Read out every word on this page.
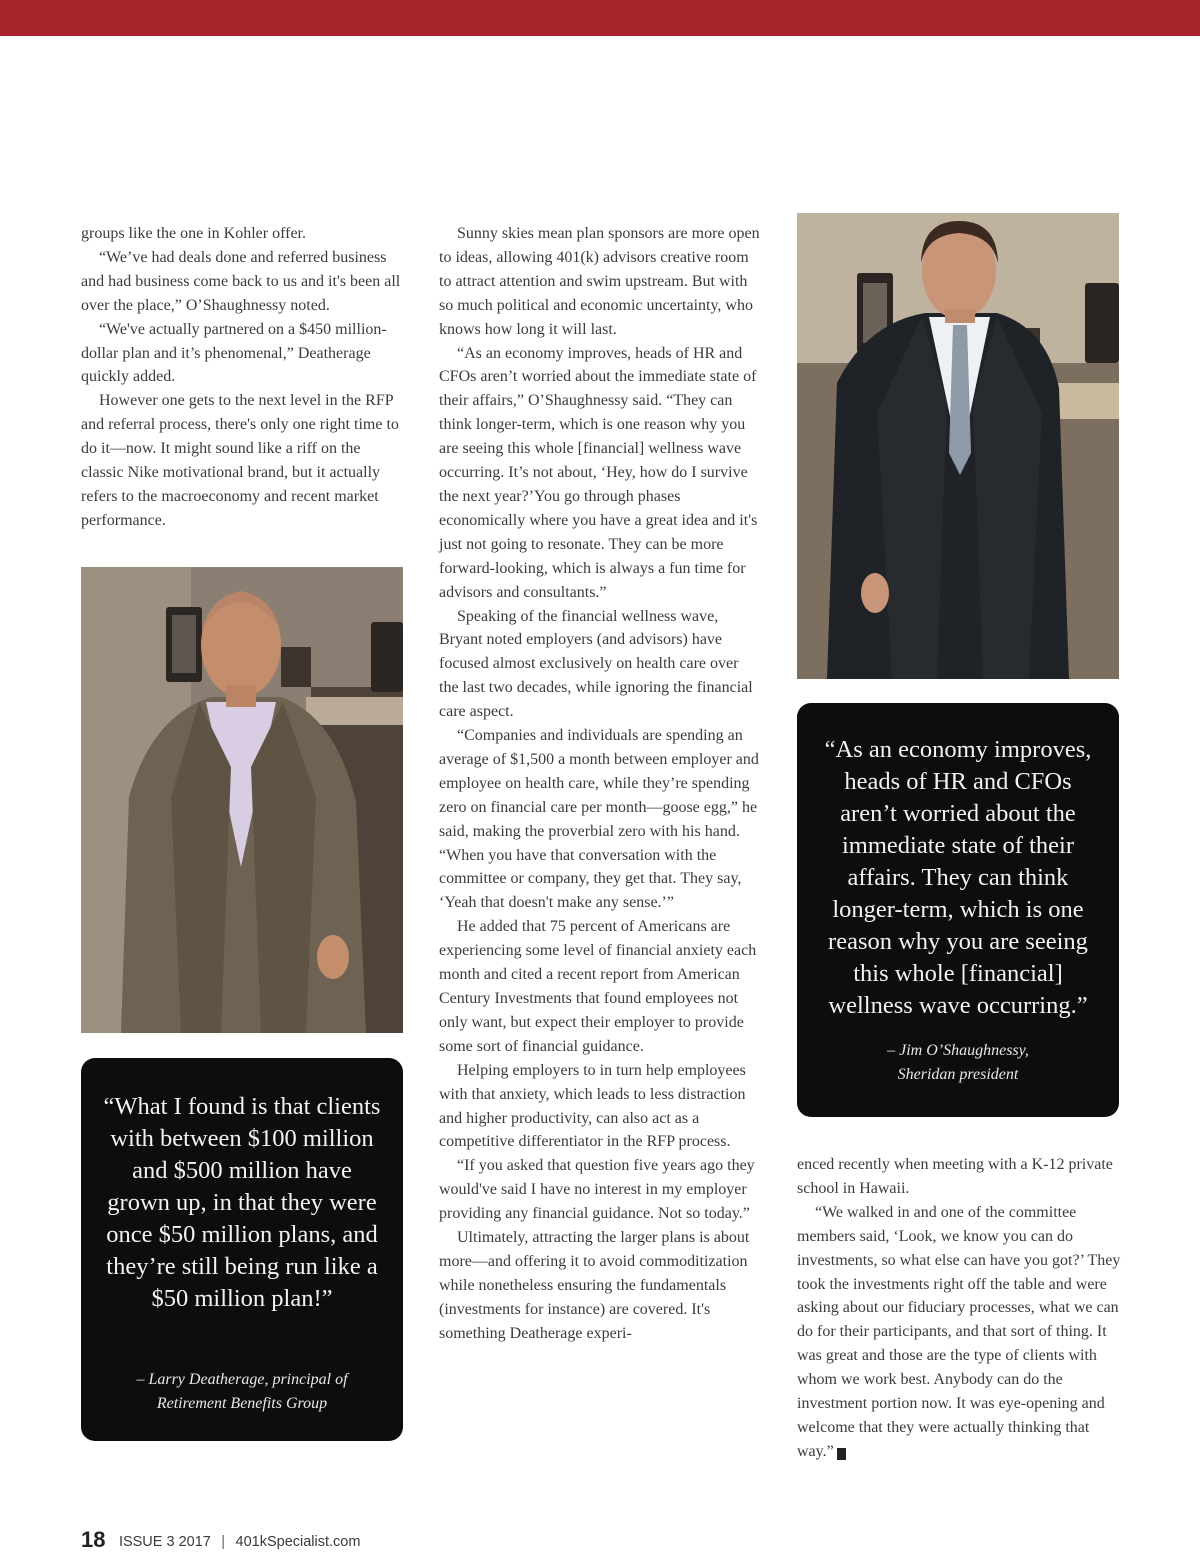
groups like the one in Kohler offer.

“We’ve had deals done and referred business and had business come back to us and it's been all over the place,” O’Shaughnessy noted.

“We've actually partnered on a $450 million-dollar plan and it’s phenomenal,” Deatherage quickly added.

However one gets to the next level in the RFP and referral process, there's only one right time to do it—now. It might sound like a riff on the classic Nike motivational brand, but it actually refers to the macroeconomy and recent market performance.

“What I found is that clients with between $100 million and $500 million have grown up, in that they were once $50 million plans, and they’re still being run like a $50 million plan!”
– Larry Deatherage, principal of
Retirement Benefits Group

Sunny skies mean plan sponsors are more open to ideas, allowing 401(k) advisors creative room to attract attention and swim upstream. But with so much political and economic uncertainty, who knows how long it will last.

“As an economy improves, heads of HR and CFOs aren’t worried about the immediate state of their affairs,” O’Shaughnessy said. “They can think longer-term, which is one reason why you are seeing this whole [financial] wellness wave occurring. It’s not about, ‘Hey, how do I survive the next year?’You go through phases economically where you have a great idea and it's just not going to resonate. They can be more forward-looking, which is always a fun time for advisors and consultants.”

Speaking of the financial wellness wave, Bryant noted employers (and advisors) have focused almost exclusively on health care over the last two decades, while ignoring the financial care aspect.

“Companies and individuals are spending an average of $1,500 a month between employer and employee on health care, while they’re spending zero on financial care per month—goose egg,” he said, making the proverbial zero with his hand. “When you have that conversation with the committee or company, they get that. They say, ‘Yeah that doesn't make any sense.’”

He added that 75 percent of Americans are experiencing some level of financial anxiety each month and cited a recent report from American Century Investments that found employees not only want, but expect their employer to provide some sort of financial guidance.

Helping employers to in turn help employees with that anxiety, which leads to less distraction and higher productivity, can also act as a competitive differentiator in the RFP process.

“If you asked that question five years ago they would've said I have no interest in my employer providing any financial guidance. Not so today.”

Ultimately, attracting the larger plans is about more—and offering it to avoid commoditization while nonetheless ensuring the fundamentals (investments for instance) are covered. It's something Deatherage experi-

“As an economy improves, heads of HR and CFOs aren’t worried about the immediate state of their affairs. They can think longer-term, which is one reason why you are seeing this whole [financial] wellness wave occurring.”
– Jim O’Shaughnessy,
Sheridan president

enced recently when meeting with a K-12 private school in Hawaii.

“We walked in and one of the committee members said, ‘Look, we know you can do investments, so what else can have you got?’ They took the investments right off the table and were asking about our fiduciary processes, what we can do for their participants, and that sort of thing. It was great and those are the type of clients with whom we work best. Anybody can do the investment portion now. It was eye-opening and welcome that they were actually thinking that way.” K

18 ISSUE 3 2017 | 401kSpecialist.com
